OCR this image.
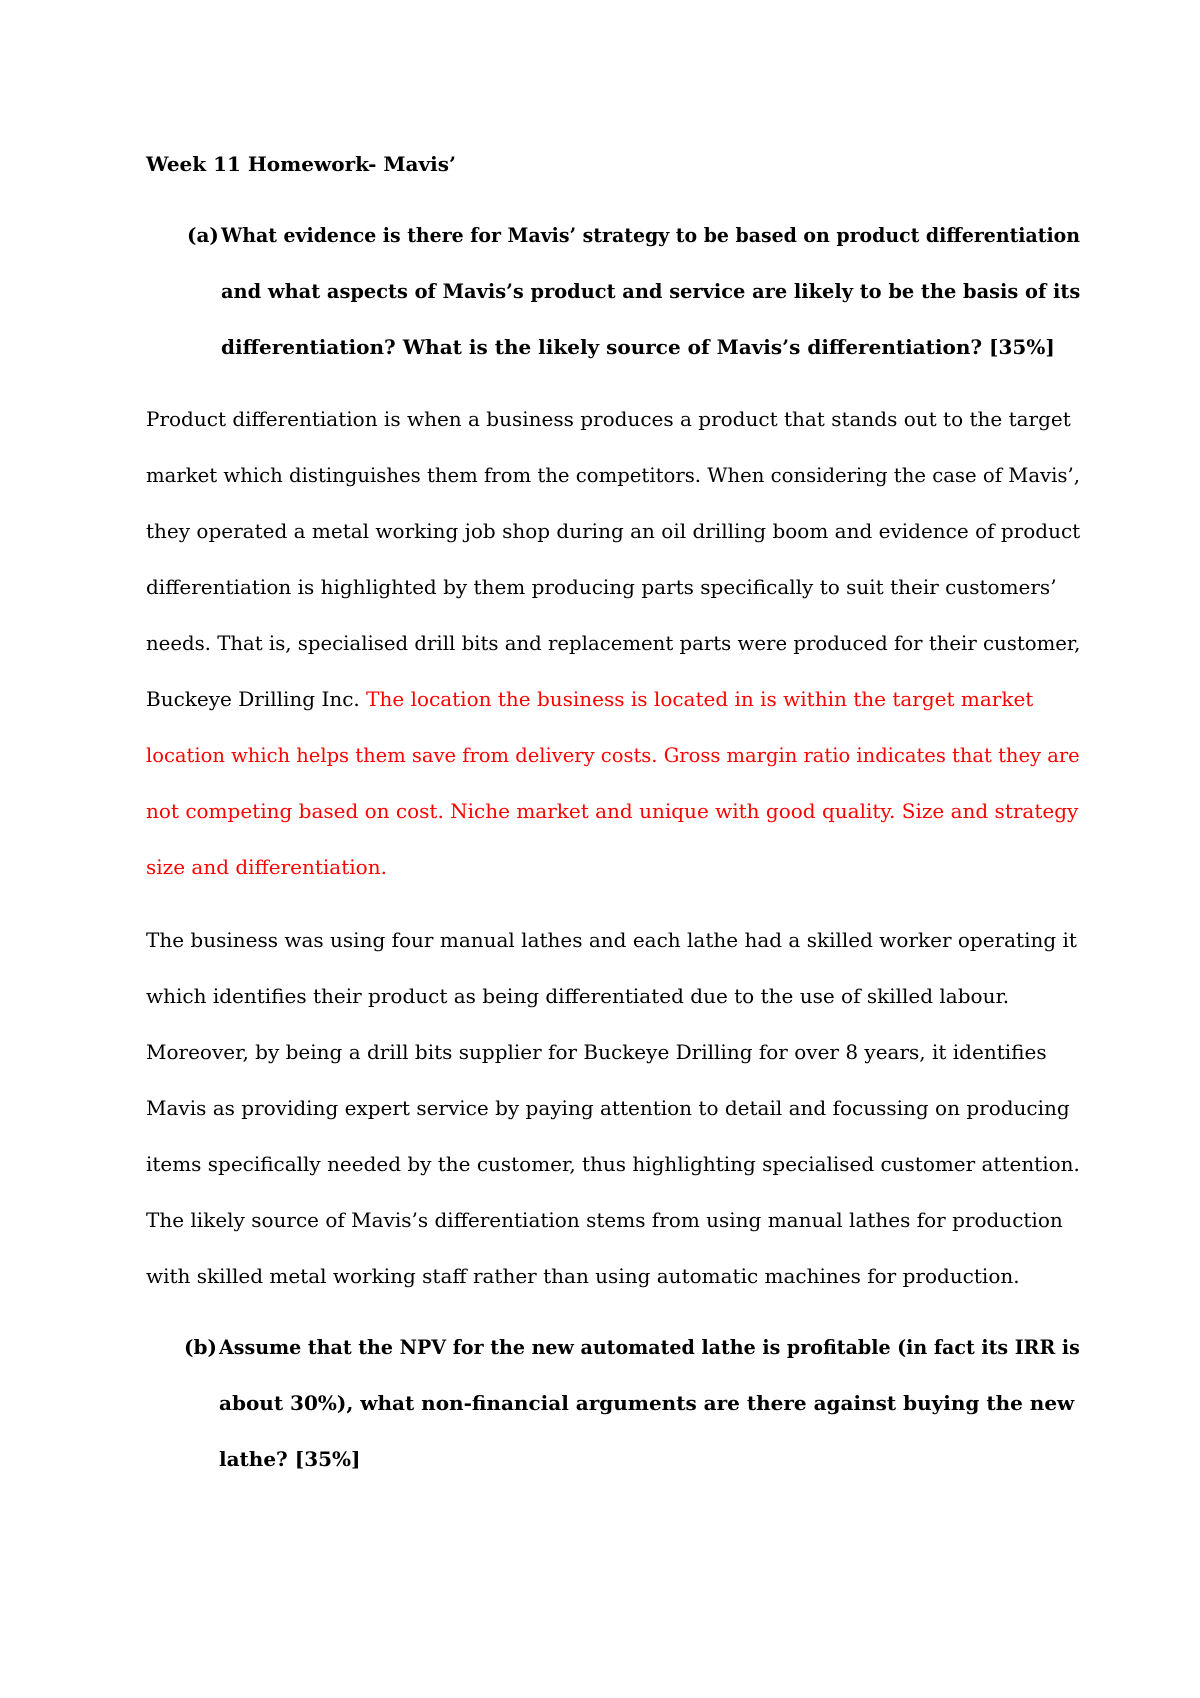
Week 11 Homework- Mavis’

(a) What evidence is there for Mavis’ strategy to be based on product differentiation

and what aspects of Mavis’s product and service are likely to be the basis of its

differentiation? What is the likely source of Mavis’s differentiation? [35%]

Product differentiation is when a business produces a product that stands out to the target

market which distinguishes them from the competitors. When considering the case of Mavis’,

they operated a metal working job shop during an oil drilling boom and evidence of product

differentiation is highlighted by them producing parts specifically to suit their customers’

needs. That is, specialised drill bits and replacement parts were produced for their customer,

Buckeye Drilling Inc. The location the business is located in is within the target market

location which helps them save from delivery costs. Gross margin ratio indicates that they are

not competing based on cost. Niche market and unique with good quality. Size and strategy

size and differentiation.

The business was using four manual lathes and each lathe had a skilled worker operating it

which identifies their product as being differentiated due to the use of skilled labour.

Moreover, by being a drill bits supplier for Buckeye Drilling for over 8 years, it identifies

Mavis as providing expert service by paying attention to detail and focussing on producing

items specifically needed by the customer, thus highlighting specialised customer attention.

The likely source of Mavis’s differentiation stems from using manual lathes for production

with skilled metal working staff rather than using automatic machines for production.

(b) Assume that the NPV for the new automated lathe is profitable (in fact its IRR is

about 30%), what non-financial arguments are there against buying the new

lathe? [35%]
